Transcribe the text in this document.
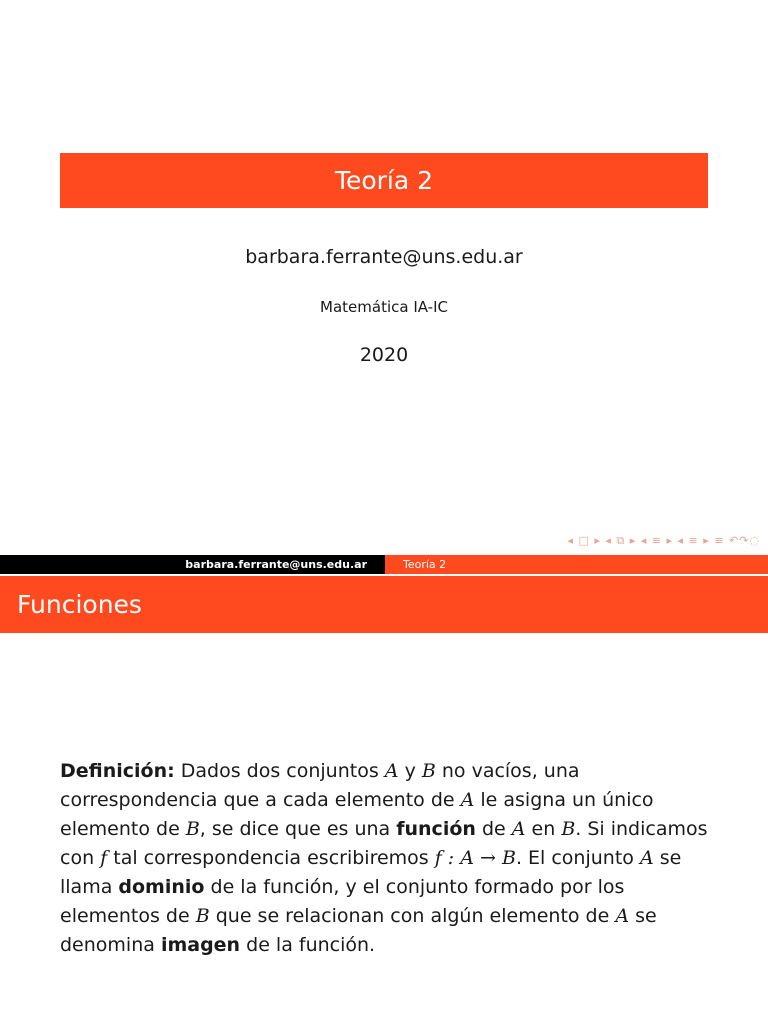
Teoría 2
barbara.ferrante@uns.edu.ar
Matemática IA-IC
2020
◂ □ ▸ ◂ ⧉ ▸ ◂ ≡ ▸ ◂ ≡ ▸ ≡ ↶↷◌
barbara.ferrante@uns.edu.ar	Teoría 2
Funciones
Definición: Dados dos conjuntos A y B no vacíos, una correspondencia que a cada elemento de A le asigna un único elemento de B, se dice que es una función de A en B. Si indicamos con f tal correspondencia escribiremos f : A → B. El conjunto A se llama dominio de la función, y el conjunto formado por los elementos de B que se relacionan con algún elemento de A se denomina imagen de la función.
